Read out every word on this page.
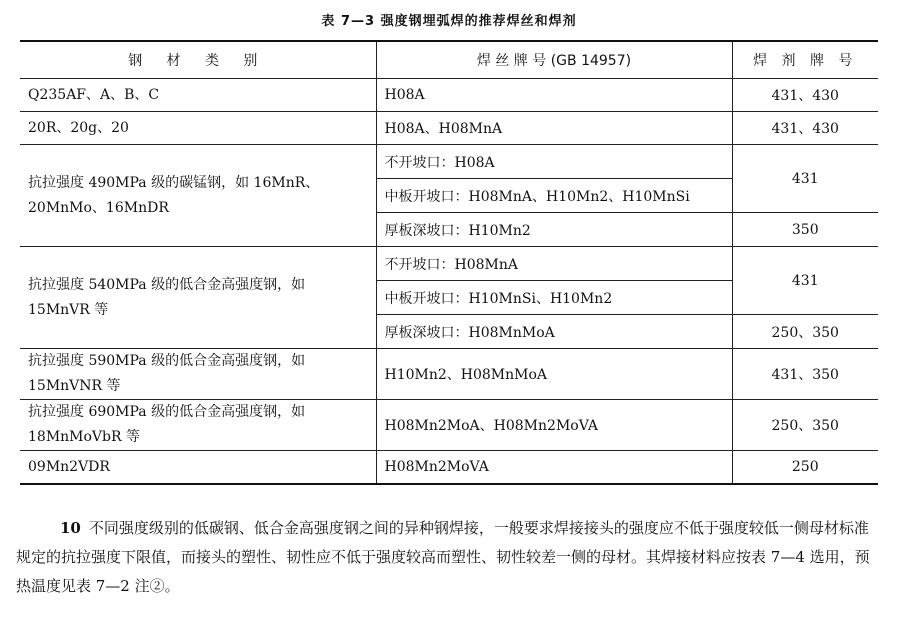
表 7—3 强度钢埋弧焊的推荐焊丝和焊剂
钢 材 类 别	焊 丝 牌 号 (GB 14957)	焊 剂 牌 号
Q235AF、A、B、C	H08A	431、430
20R、20g、20	H08A、H08MnA	431、430
抗拉强度 490MPa 级的碳锰钢，如 16MnR、20MnMo、16MnDR	不开坡口：H08A	431
	中板开坡口：H08MnA、H10Mn2、H10MnSi	
	厚板深坡口：H10Mn2	350
抗拉强度 540MPa 级的低合金高强度钢，如 15MnVR 等	不开坡口：H08MnA	431
	中板开坡口：H10MnSi、H10Mn2	
	厚板深坡口：H08MnMoA	250、350
抗拉强度 590MPa 级的低合金高强度钢，如 15MnVNR 等	H10Mn2、H08MnMoA	431、350
抗拉强度 690MPa 级的低合金高强度钢，如 18MnMoVbR 等	H08Mn2MoA、H08Mn2MoVA	250、350
09Mn2VDR	H08Mn2MoVA	250

10 不同强度级别的低碳钢、低合金高强度钢之间的异种钢焊接，一般要求焊接接头的强度应不低于强度较低一侧母材标准规定的抗拉强度下限值，而接头的塑性、韧性应不低于强度较高而塑性、韧性较差一侧的母材。其焊接材料应按表 7—4 选用，预热温度见表 7—2 注②。
